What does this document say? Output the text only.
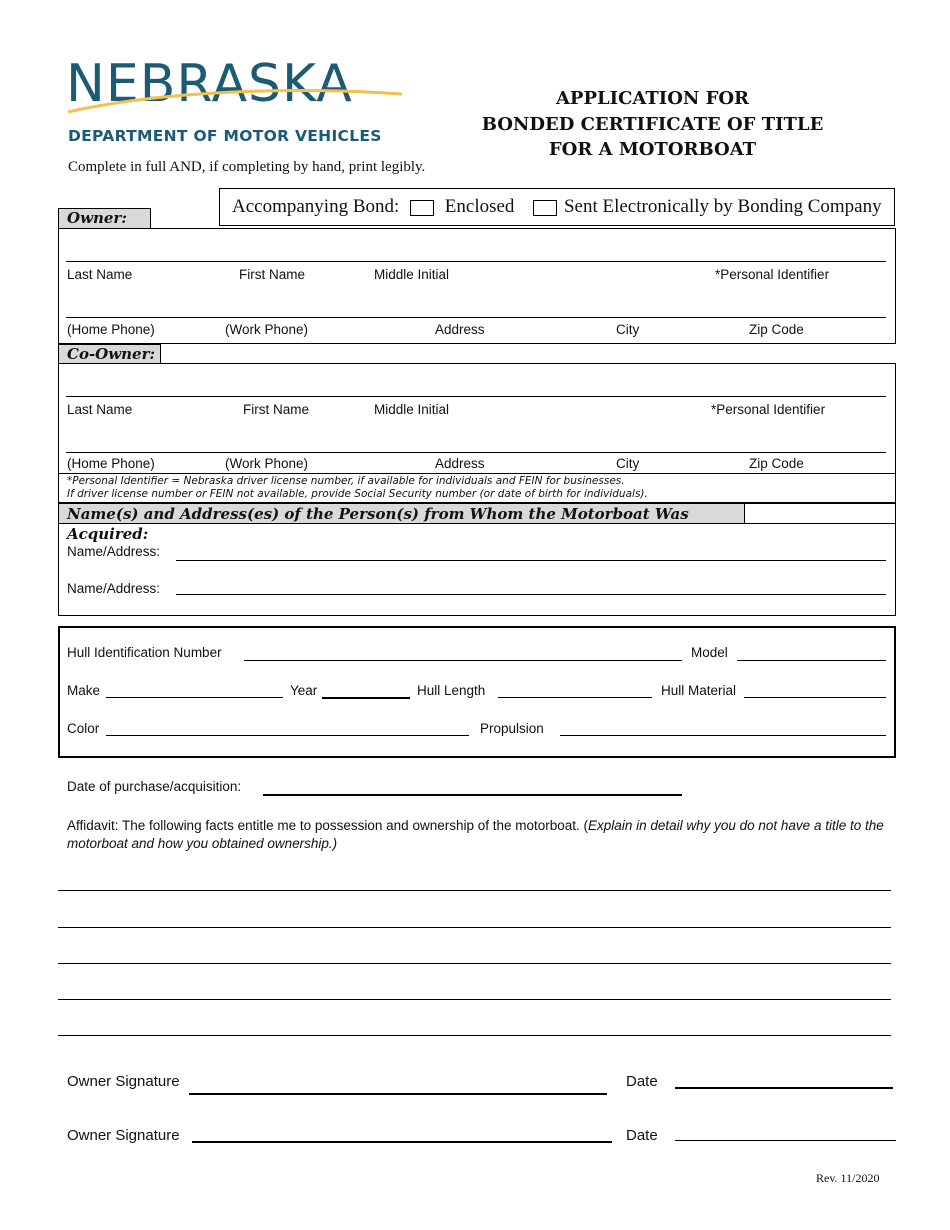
NEBRASKA
DEPARTMENT OF MOTOR VEHICLES
APPLICATION FOR
BONDED CERTIFICATE OF TITLE
FOR A MOTORBOAT
Complete in full AND, if completing by hand, print legibly.
Accompanying Bond: Enclosed	Sent Electronically by Bonding Company
Owner:
Last Name	First Name	Middle Initial	*Personal Identifier
(Home Phone)	(Work Phone)	Address	City	Zip Code
Co-Owner:
Last Name	First Name	Middle Initial	*Personal Identifier
(Home Phone)	(Work Phone)	Address	City	Zip Code
*Personal Identifier = Nebraska driver license number, if available for individuals and FEIN for businesses.
If driver license number or FEIN not available, provide Social Security number (or date of birth for individuals).
Name(s) and Address(es) of the Person(s) from Whom the Motorboat Was Acquired:
Name/Address:
Name/Address:
Hull Identification Number	Model
Make	Year	Hull Length	Hull Material
Color	Propulsion
Date of purchase/acquisition:
Affidavit: The following facts entitle me to possession and ownership of the motorboat. (Explain in detail why you do not have a title to the motorboat and how you obtained ownership.)
Owner Signature	Date
Owner Signature	Date
Rev. 11/2020
